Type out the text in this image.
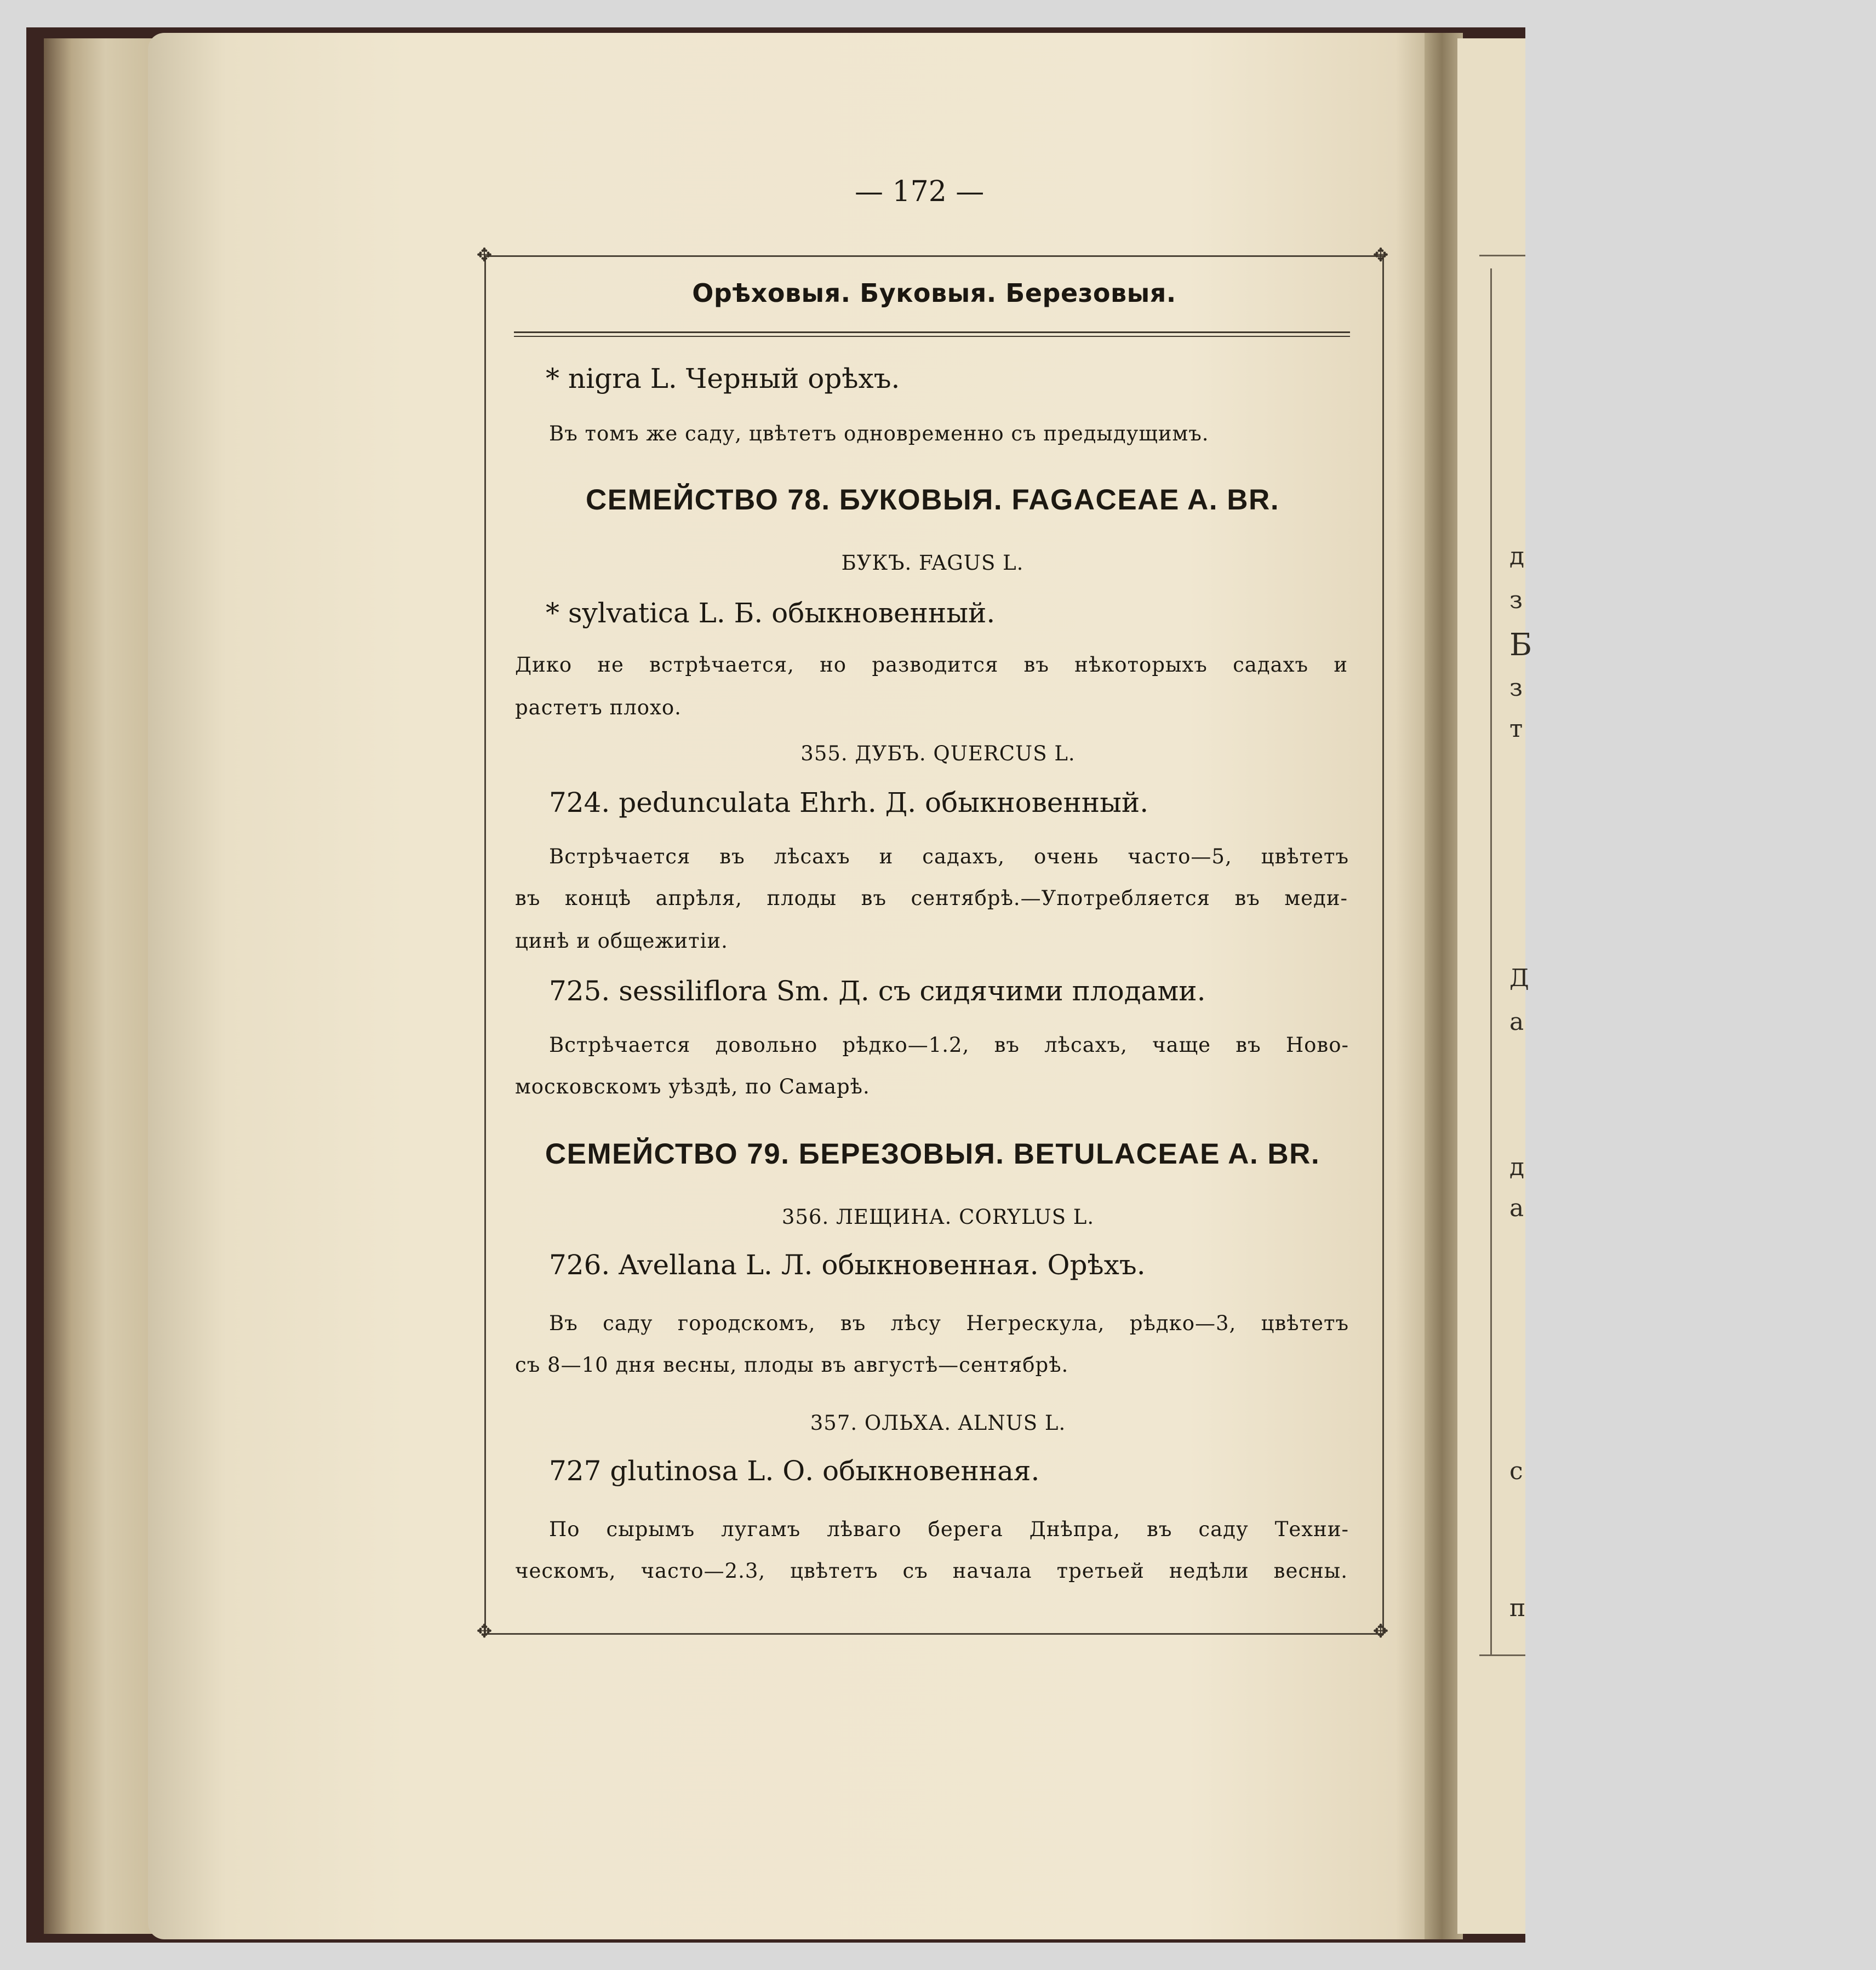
д
з
Б
з
т
Д
а
д
а
с
п
— 172 —
✥	✥
✥	✥
Орѣховыя. Буковыя. Березовыя.
* nigra L. Черный орѣхъ.
Въ томъ же саду, цвѣтетъ одновременно съ предыдущимъ.
СЕМЕЙСТВО 78. БУКОВЫЯ. FAGACEAE A. BR.
БУКЪ. FAGUS L.
* sylvatica L. Б. обыкновенный.
Дико не встрѣчается, но разводится въ нѣкоторыхъ садахъ и
растетъ плохо.
355. ДУБЪ. QUERCUS L.
724. pedunculata Ehrh. Д. обыкновенный.
Встрѣчается въ лѣсахъ и садахъ, очень часто—5, цвѣтетъ
въ концѣ апрѣля, плоды въ сентябрѣ.—Употребляется въ меди-
цинѣ и общежитіи.
725. sessiliflora Sm. Д. съ сидячими плодами.
Встрѣчается довольно рѣдко—1.2, въ лѣсахъ, чаще въ Ново-
московскомъ уѣздѣ, по Самарѣ.
СЕМЕЙСТВО 79. БЕРЕЗОВЫЯ. BETULACEAE A. BR.
356. ЛЕЩИНА. CORYLUS L.
726. Avellana L. Л. обыкновенная. Орѣхъ.
Въ саду городскомъ, въ лѣсу Негрескула, рѣдко—3, цвѣтетъ
съ 8—10 дня весны, плоды въ августѣ—сентябрѣ.
357. ОЛЬХА. ALNUS L.
727 glutinosa L. О. обыкновенная.
По сырымъ лугамъ лѣваго берега Днѣпра, въ саду Техни-
ческомъ, часто—2.3, цвѣтетъ съ начала третьей недѣли весны.
